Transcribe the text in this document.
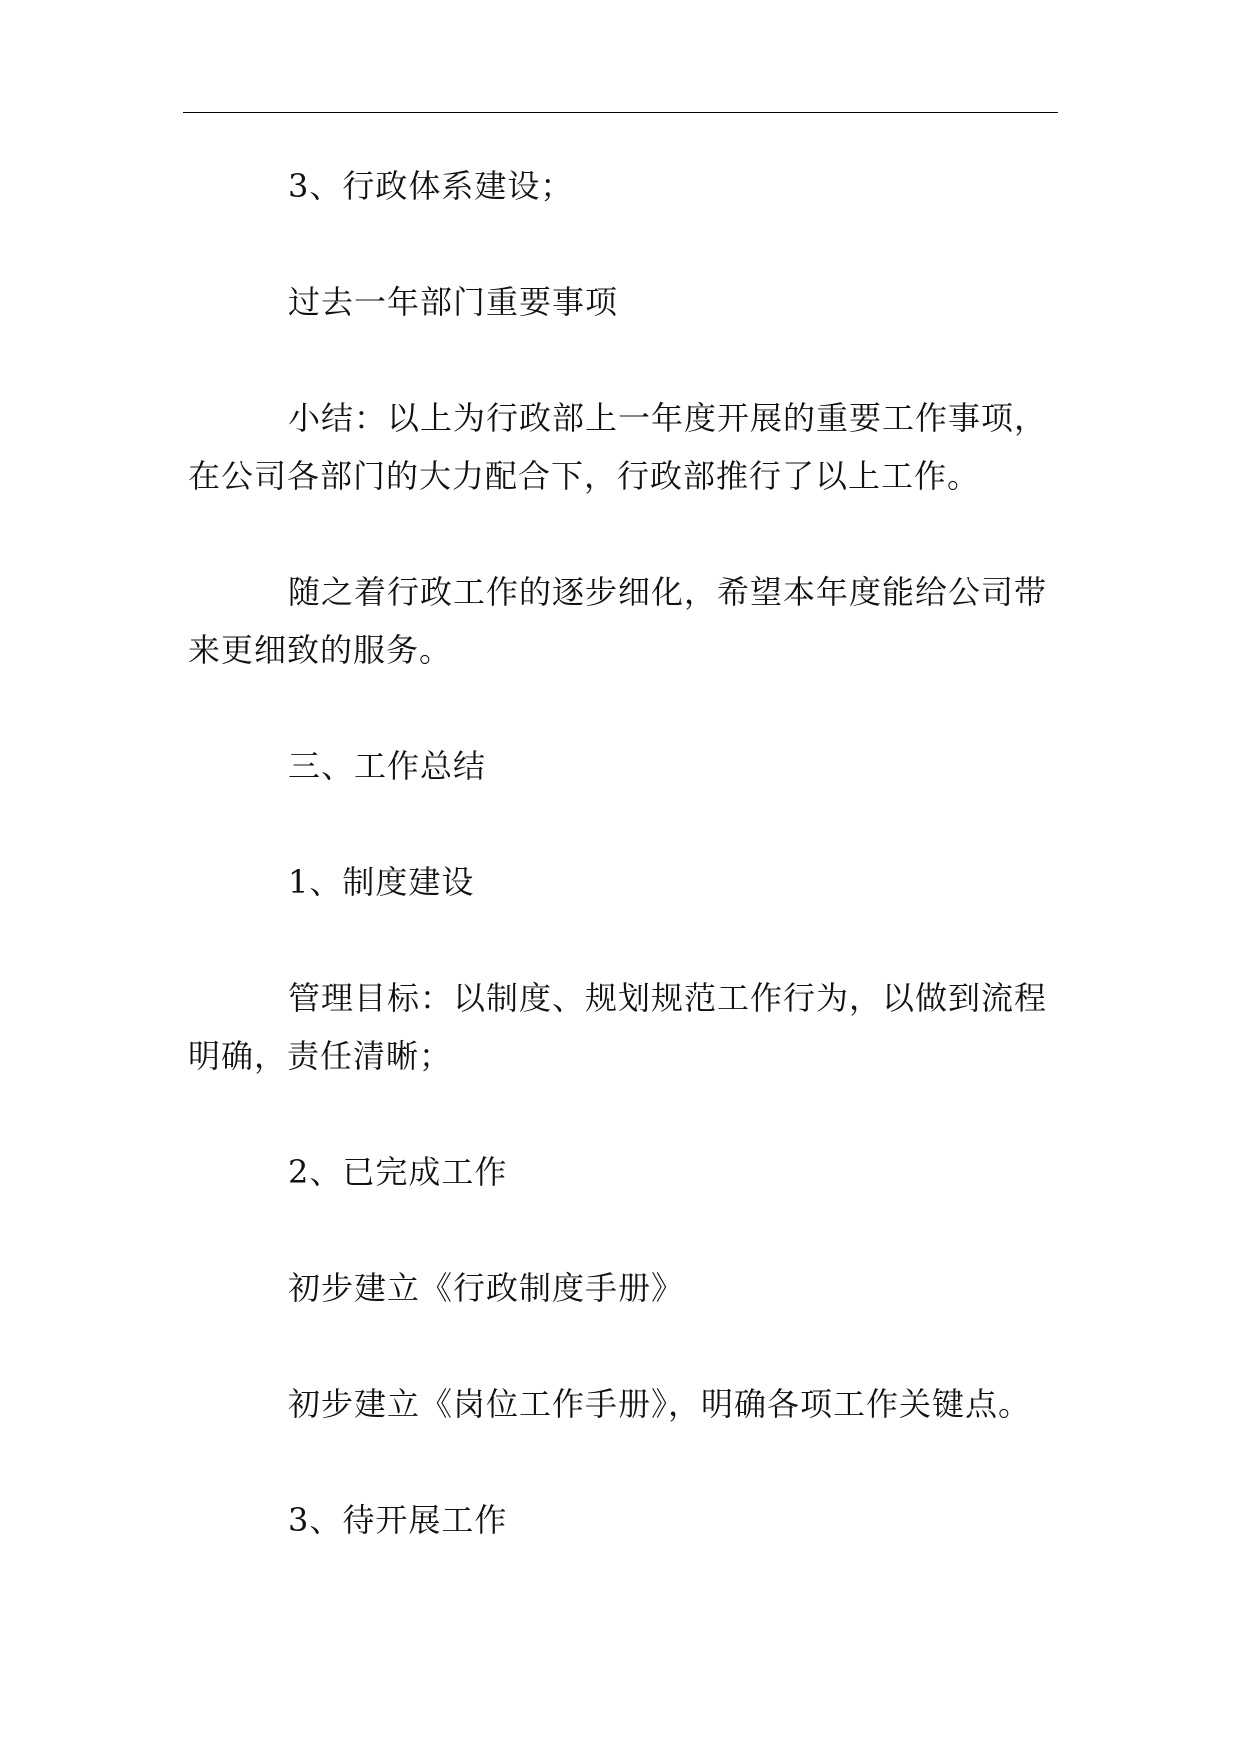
3、行政体系建设；

过去一年部门重要事项

小结：以上为行政部上一年度开展的重要工作事项，

在公司各部门的大力配合下，行政部推行了以上工作。

随之着行政工作的逐步细化，希望本年度能给公司带

来更细致的服务。

三、工作总结

1、制度建设

管理目标：以制度、规划规范工作行为，以做到流程

明确，责任清晰；

2、已完成工作

初步建立《行政制度手册》

初步建立《岗位工作手册》，明确各项工作关键点。

3、待开展工作
